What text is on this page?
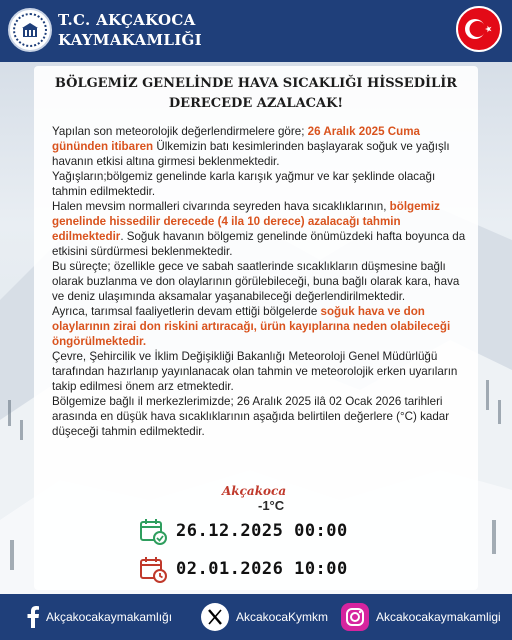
T.C. AKÇAKOCA
KAYMAKAMLIĞI
BÖLGEMİZ GENELİNDE HAVA SICAKLIĞI HİSSEDİLİR
DERECEDE AZALACAK!

Yapılan son meteorolojik değerlendirmelere göre; 26 Aralık 2025 Cuma gününden itibaren Ülkemizin batı kesimlerinden başlayarak soğuk ve yağışlı havanın etkisi altına girmesi beklenmektedir.

Yağışların;bölgemiz genelinde karla karışık yağmur ve kar şeklinde olacağı tahmin edilmektedir.

Halen mevsim normalleri civarında seyreden hava sıcaklıklarının, bölgemiz genelinde hissedilir derecede (4 ila 10 derece) azalacağı tahmin edilmektedir. Soğuk havanın bölgemiz genelinde önümüzdeki hafta boyunca da etkisini sürdürmesi beklenmektedir.

Bu süreçte; özellikle gece ve sabah saatlerinde sıcaklıkların düşmesine bağlı olarak buzlanma ve don olaylarının görülebileceği, buna bağlı olarak kara, hava ve deniz ulaşımında aksamalar yaşanabileceği değerlendirilmektedir.

Ayrıca, tarımsal faaliyetlerin devam ettiği bölgelerde soğuk hava ve don olaylarının zirai don riskini artıracağı, ürün kayıplarına neden olabileceği öngörülmektedir.

Çevre, Şehircilik ve İklim Değişikliği Bakanlığı Meteoroloji Genel Müdürlüğü tarafından hazırlanıp yayınlanacak olan tahmin ve meteorolojik erken uyarıların takip edilmesi önem arz etmektedir.

Bölgemize bağlı il merkezlerimizde; 26 Aralık 2025 ilâ 02 Ocak 2026 tarihleri arasında en düşük hava sıcaklıklarının aşağıda belirtilen değerlere (°C) kadar düşeceği tahmin edilmektedir.

Akçakoca
-1°C
26.12.2025 00:00
02.01.2026 10:00
Akçakocakaymakamlığı	AkcakocaKymkm	Akcakocakaymakamligi
